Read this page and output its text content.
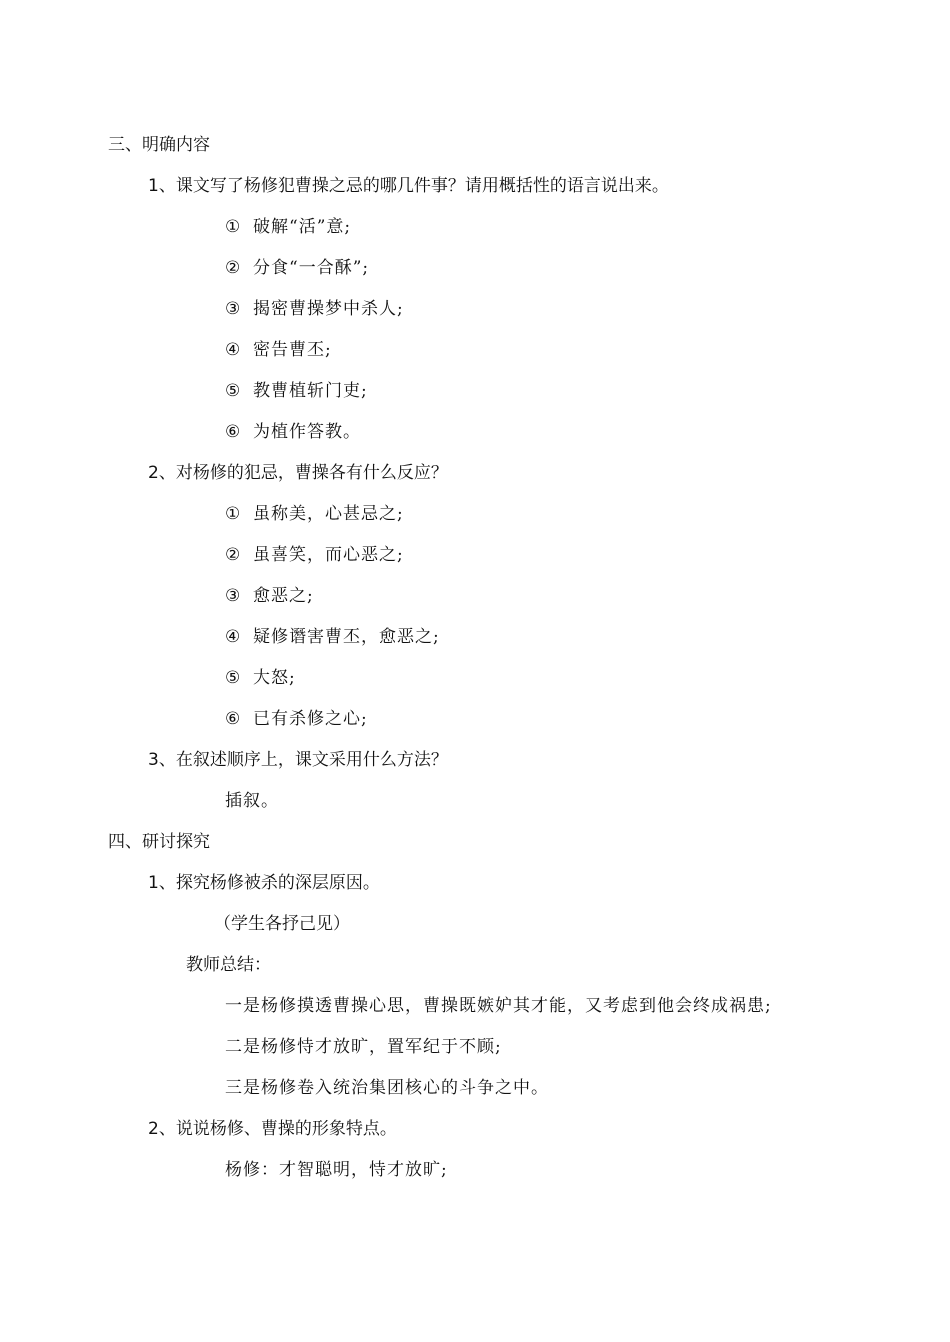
三、明确内容
1、课文写了杨修犯曹操之忌的哪几件事？请用概括性的语言说出来。
① 破解“活”意;
② 分食“一合酥”;
③ 揭密曹操梦中杀人;
④ 密告曹丕;
⑤ 教曹植斩门吏;
⑥ 为植作答教。
2、对杨修的犯忌，曹操各有什么反应？
① 虽称美，心甚忌之;
② 虽喜笑，而心恶之;
③ 愈恶之;
④ 疑修谮害曹丕，愈恶之;
⑤ 大怒;
⑥ 已有杀修之心;
3、在叙述顺序上，课文采用什么方法？
插叙。
四、研讨探究
1、探究杨修被杀的深层原因。
（学生各抒己见）
教师总结：
一是杨修摸透曹操心思，曹操既嫉妒其才能，又考虑到他会终成祸患;
二是杨修恃才放旷，置军纪于不顾;
三是杨修卷入统治集团核心的斗争之中。
2、说说杨修、曹操的形象特点。
杨修：才智聪明，恃才放旷;
